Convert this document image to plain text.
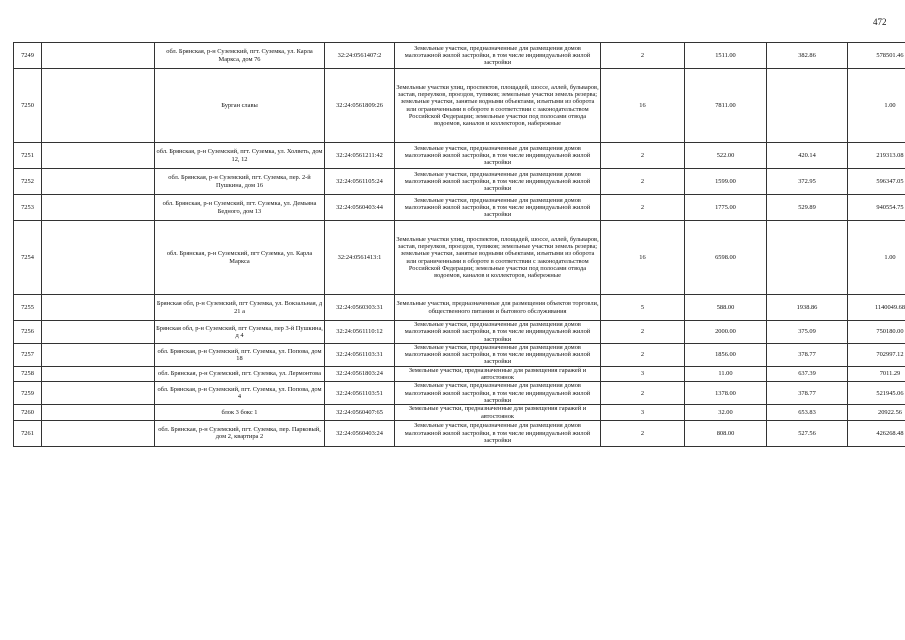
472
7249		обл. Брянская, р-н Суземский, пгт. Суземка, ул. Карла Маркса, дом 76	32:24:0561407:2	Земельные участки, предназначенные для размещения домов малоэтажной жилой застройки, в том числе индивидуальной жилой застройки	2	1511.00	382.86	578501.46
7250		Бурган славы	32:24:0561809:26	Земельные участки улиц, проспектов, площадей, шоссе, аллей, бульваров, застав, переулков, проездов, тупиков; земельные участки земель резерва; земельные участки, занятые водными объектами, изъятыми из оборота или ограниченными в обороте в соответствии с законодательством Российской Федерации; земельные участки под полосами отвода водоемов, каналов и коллекторов, набережные	16	7811.00		1.00
7251		обл. Брянская, р-н Суземский, пгт. Суземка, ул. Холветь, дом 12, 12	32:24:0561211:42	Земельные участки, предназначенные для размещения домов малоэтажной жилой застройки, в том числе индивидуальной жилой застройки	2	522.00	420.14	219313.08
7252		обл. Брянская, р-н Суземский, пгт. Суземка, пер. 2-й Пушкина, дом 16	32:24:0561105:24	Земельные участки, предназначенные для размещения домов малоэтажной жилой застройки, в том числе индивидуальной жилой застройки	2	1599.00	372.95	596347.05
7253		обл. Брянская, р-н Суземский, пгт. Суземка, ул. Демьяна Бедного, дом 13	32:24:0560403:44	Земельные участки, предназначенные для размещения домов малоэтажной жилой застройки, в том числе индивидуальной жилой застройки	2	1775.00	529.89	940554.75
7254		обл. Брянская, р-н Суземский, пгт Суземка, ул. Карла Маркса	32:24:0561413:1	Земельные участки улиц, проспектов, площадей, шоссе, аллей, бульваров, застав, переулков, проездов, тупиков; земельные участки земель резерва; земельные участки, занятые водными объектами, изъятыми из оборота или ограниченными в обороте в соответствии с законодательством Российской Федерации; земельные участки под полосами отвода водоемов, каналов и коллекторов, набережные	16	6598.00		1.00
7255		Брянская обл, р-н Суземский, пгт Суземка, ул. Вокзальная, д 21 а	32:24:0560303:31	Земельные участки, предназначенные для размещения объектов торговли, общественного питания и бытового обслуживания	5	588.00	1938.86	1140049.68
7256		Брянская обл, р-н Суземский, пгт Суземка, пер 3-й Пушкина, д 4	32:24:0561110:12	Земельные участки, предназначенные для размещения домов малоэтажной жилой застройки, в том числе индивидуальной жилой застройки	2	2000.00	375.09	750180.00
7257		обл. Брянская, р-н Суземский, пгт. Суземка, ул. Попова, дом 18	32:24:0561103:31	Земельные участки, предназначенные для размещения домов малоэтажной жилой застройки, в том числе индивидуальной жилой застройки	2	1856.00	378.77	702997.12
7258		обл. Брянская, р-н Суземский, пгт. Суземка, ул. Лермонтова	32:24:0561803:24	Земельные участки, предназначенные для размещения гаражей и автостоянок	3	11.00	637.39	7011.29
7259		обл. Брянская, р-н Суземский, пгт. Суземка, ул. Попова, дом 4	32:24:0561103:51	Земельные участки, предназначенные для размещения домов малоэтажной жилой застройки, в том числе индивидуальной жилой застройки	2	1378.00	378.77	521945.06
7260		блок 3 бокс 1	32:24:0560407:65	Земельные участки, предназначенные для размещения гаражей и автостоянок	3	32.00	653.83	20922.56
7261		обл. Брянская, р-н Суземский, пгт. Суземка, пер. Парковый, дом 2, квартира 2	32:24:0560403:24	Земельные участки, предназначенные для размещения домов малоэтажной жилой застройки, в том числе индивидуальной жилой застройки	2	808.00	527.56	426268.48
